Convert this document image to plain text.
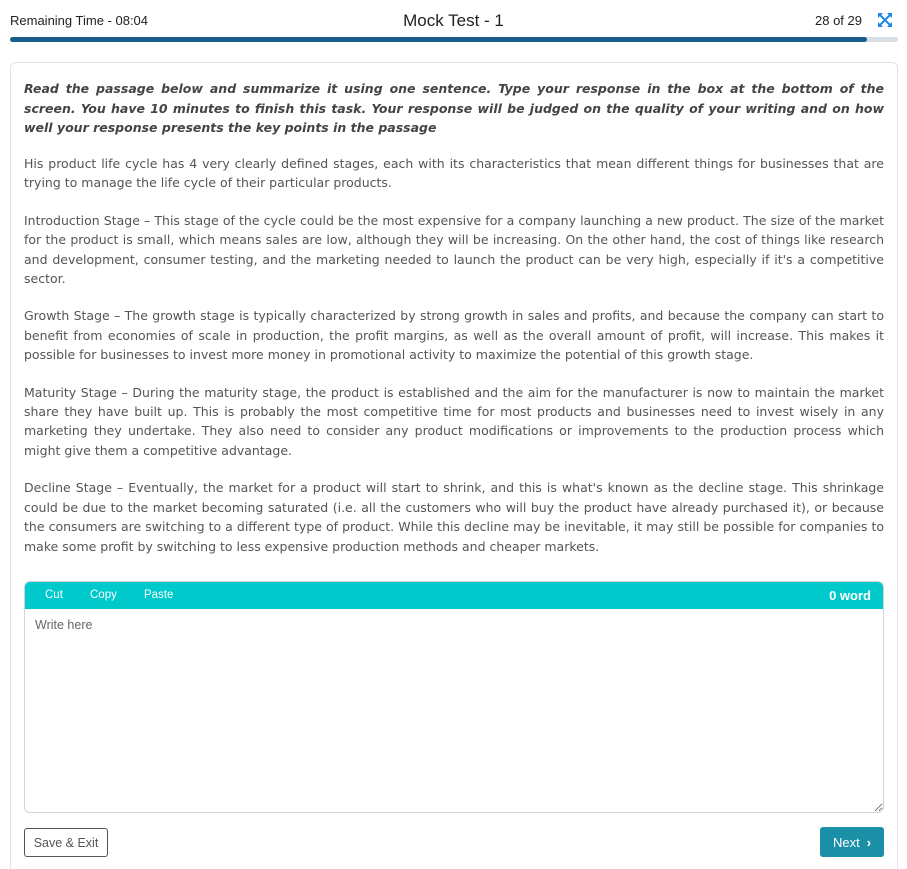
Remaining Time - 08:04	Mock Test - 1	28 of 29
Read the passage below and summarize it using one sentence. Type your response in the box at the bottom of the screen. You have 10 minutes to finish this task. Your response will be judged on the quality of your writing and on how well your response presents the key points in the passage

His product life cycle has 4 very clearly defined stages, each with its characteristics that mean different things for businesses that are trying to manage the life cycle of their particular products.

Introduction Stage – This stage of the cycle could be the most expensive for a company launching a new product. The size of the market for the product is small, which means sales are low, although they will be increasing. On the other hand, the cost of things like research and development, consumer testing, and the marketing needed to launch the product can be very high, especially if it's a competitive sector.

Growth Stage – The growth stage is typically characterized by strong growth in sales and profits, and because the company can start to benefit from economies of scale in production, the profit margins, as well as the overall amount of profit, will increase. This makes it possible for businesses to invest more money in promotional activity to maximize the potential of this growth stage.

Maturity Stage – During the maturity stage, the product is established and the aim for the manufacturer is now to maintain the market share they have built up. This is probably the most competitive time for most products and businesses need to invest wisely in any marketing they undertake. They also need to consider any product modifications or improvements to the production process which might give them a competitive advantage.

Decline Stage – Eventually, the market for a product will start to shrink, and this is what's known as the decline stage. This shrinkage could be due to the market becoming saturated (i.e. all the customers who will buy the product have already purchased it), or because the consumers are switching to a different type of product. While this decline may be inevitable, it may still be possible for companies to make some profit by switching to less expensive production methods and cheaper markets.

Cut Copy Paste	0 word
Write here
Save & Exit	Next ›
